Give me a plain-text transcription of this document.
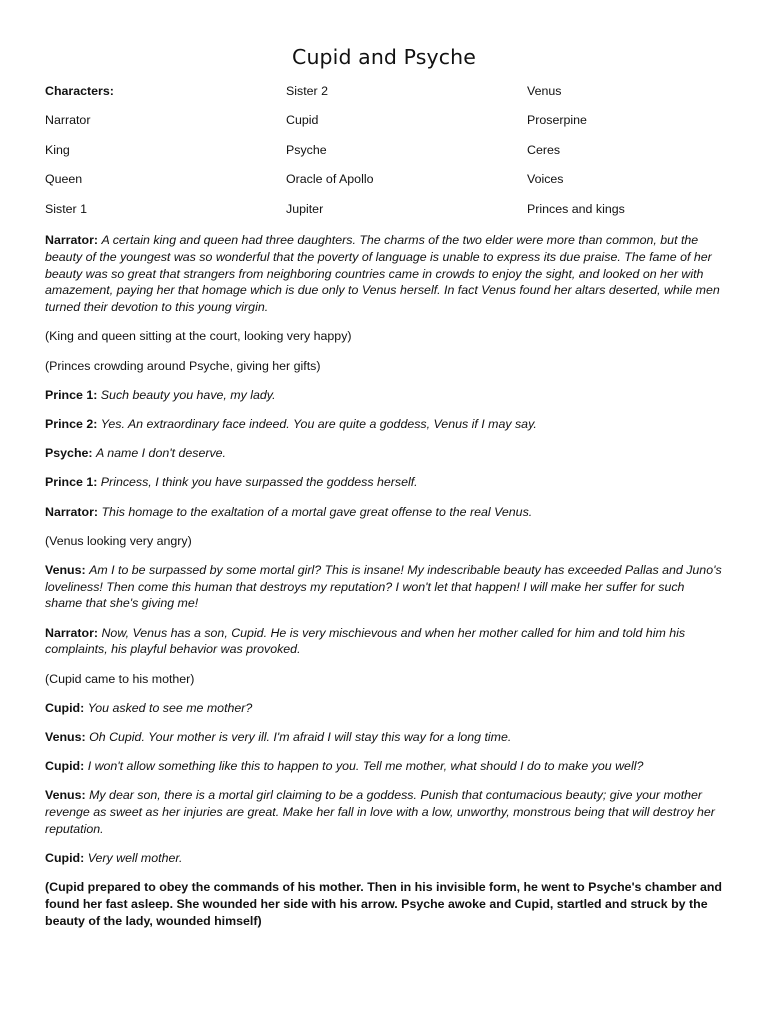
Cupid and Psyche
Characters:	Sister 2	Venus
Narrator	Cupid	Proserpine
King	Psyche	Ceres
Queen	Oracle of Apollo	Voices
Sister 1	Jupiter	Princes and kings

Narrator: A certain king and queen had three daughters. The charms of the two elder were more than common, but the beauty of the youngest was so wonderful that the poverty of language is unable to express its due praise. The fame of her beauty was so great that strangers from neighboring countries came in crowds to enjoy the sight, and looked on her with amazement, paying her that homage which is due only to Venus herself. In fact Venus found her altars deserted, while men turned their devotion to this young virgin.

(King and queen sitting at the court, looking very happy)

(Princes crowding around Psyche, giving her gifts)

Prince 1: Such beauty you have, my lady.

Prince 2: Yes. An extraordinary face indeed. You are quite a goddess, Venus if I may say.

Psyche: A name I don't deserve.

Prince 1: Princess, I think you have surpassed the goddess herself.

Narrator: This homage to the exaltation of a mortal gave great offense to the real Venus.

(Venus looking very angry)

Venus: Am I to be surpassed by some mortal girl? This is insane! My indescribable beauty has exceeded Pallas and Juno's loveliness! Then come this human that destroys my reputation? I won't let that happen! I will make her suffer for such shame that she's giving me!

Narrator: Now, Venus has a son, Cupid. He is very mischievous and when her mother called for him and told him his complaints, his playful behavior was provoked.

(Cupid came to his mother)

Cupid: You asked to see me mother?

Venus: Oh Cupid. Your mother is very ill. I'm afraid I will stay this way for a long time.

Cupid: I won't allow something like this to happen to you. Tell me mother, what should I do to make you well?

Venus: My dear son, there is a mortal girl claiming to be a goddess. Punish that contumacious beauty; give your mother revenge as sweet as her injuries are great. Make her fall in love with a low, unworthy, monstrous being that will destroy her reputation.

Cupid: Very well mother.

(Cupid prepared to obey the commands of his mother. Then in his invisible form, he went to Psyche's chamber and found her fast asleep. She wounded her side with his arrow. Psyche awoke and Cupid, startled and struck by the beauty of the lady, wounded himself)
